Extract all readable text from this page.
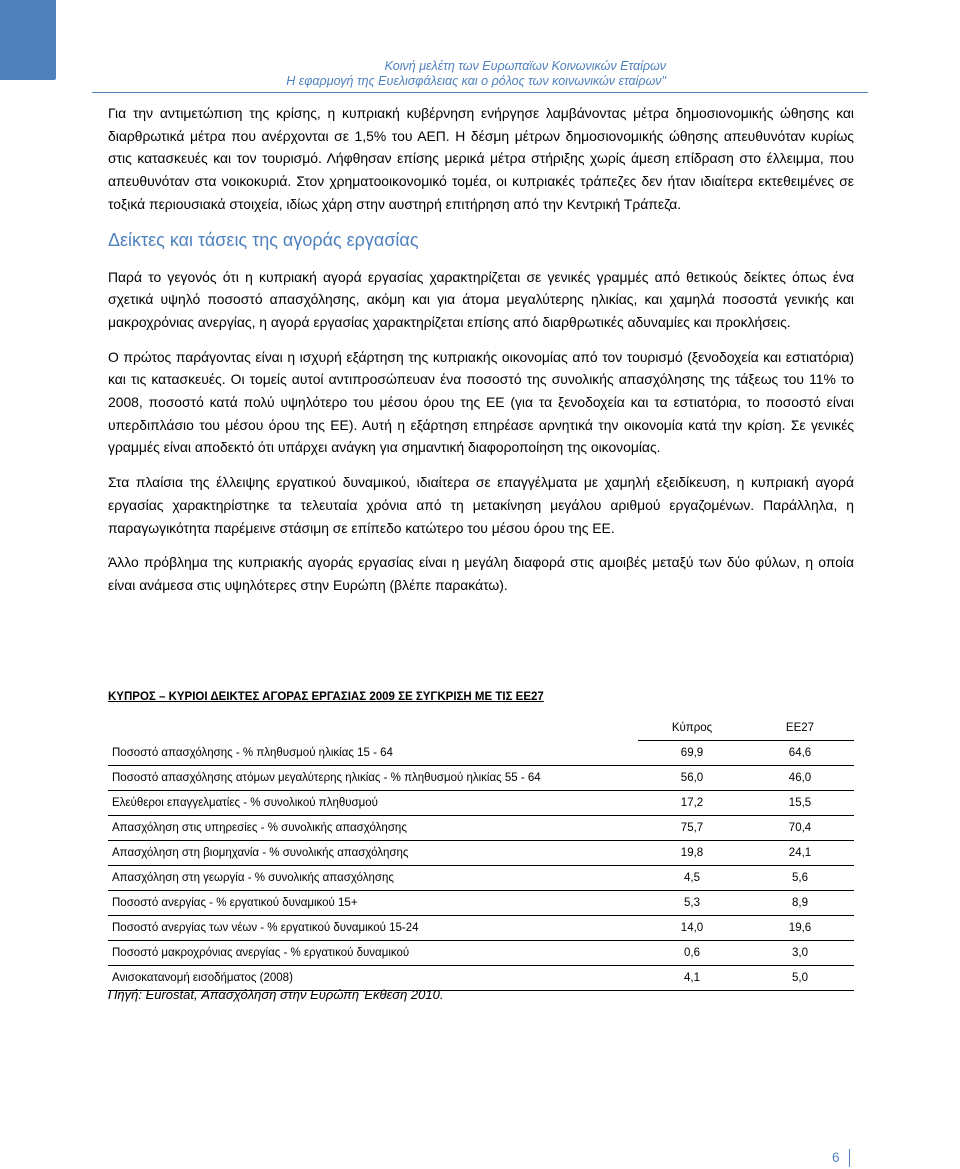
Κοινή μελέτη των Ευρωπαϊων Κοινωνικών Εταίρων
Η εφαρμογή της Ευελισφάλειας και ο ρόλος των κοινωνικών εταίρων"

Για την αντιμετώπιση της κρίσης, η κυπριακή κυβέρνηση ενήργησε λαμβάνοντας μέτρα δημοσιονομικής ώθησης και διαρθρωτικά μέτρα που ανέρχονται σε 1,5% του ΑΕΠ. Η δέσμη μέτρων δημοσιονομικής ώθησης απευθυνόταν κυρίως στις κατασκευές και τον τουρισμό. Λήφθησαν επίσης μερικά μέτρα στήριξης χωρίς άμεση επίδραση στο έλλειμμα, που απευθυνόταν στα νοικοκυριά. Στον χρηματοοικονομικό τομέα, οι κυπριακές τράπεζες δεν ήταν ιδιαίτερα εκτεθειμένες σε τοξικά περιουσιακά στοιχεία, ιδίως χάρη στην αυστηρή επιτήρηση από την Κεντρική Τράπεζα.

Δείκτες και τάσεις της αγοράς εργασίας

Παρά το γεγονός ότι η κυπριακή αγορά εργασίας χαρακτηρίζεται σε γενικές γραμμές από θετικούς δείκτες όπως ένα σχετικά υψηλό ποσοστό απασχόλησης, ακόμη και για άτομα μεγαλύτερης ηλικίας, και χαμηλά ποσοστά γενικής και μακροχρόνιας ανεργίας, η αγορά εργασίας χαρακτηρίζεται επίσης από διαρθρωτικές αδυναμίες και προκλήσεις.

Ο πρώτος παράγοντας είναι η ισχυρή εξάρτηση της κυπριακής οικονομίας από τον τουρισμό (ξενοδοχεία και εστιατόρια) και τις κατασκευές. Οι τομείς αυτοί αντιπροσώπευαν ένα ποσοστό της συνολικής απασχόλησης της τάξεως του 11% το 2008, ποσοστό κατά πολύ υψηλότερο του μέσου όρου της ΕΕ (για τα ξενοδοχεία και τα εστιατόρια, το ποσοστό είναι υπερδιπλάσιο του μέσου όρου της ΕΕ). Αυτή η εξάρτηση επηρέασε αρνητικά την οικονομία κατά την κρίση. Σε γενικές γραμμές είναι αποδεκτό ότι υπάρχει ανάγκη για σημαντική διαφοροποίηση της οικονομίας.

Στα πλαίσια της έλλειψης εργατικού δυναμικού, ιδιαίτερα σε επαγγέλματα με χαμηλή εξειδίκευση, η κυπριακή αγορά εργασίας χαρακτηρίστηκε τα τελευταία χρόνια από τη μετακίνηση μεγάλου αριθμού εργαζομένων. Παράλληλα, η παραγωγικότητα παρέμεινε στάσιμη σε επίπεδο κατώτερο του μέσου όρου της ΕΕ.

Άλλο πρόβλημα της κυπριακής αγοράς εργασίας είναι η μεγάλη διαφορά στις αμοιβές μεταξύ των δύο φύλων, η οποία είναι ανάμεσα στις υψηλότερες στην Ευρώπη (βλέπε παρακάτω).

ΚΥΠΡΟΣ – ΚΥΡΙΟΙ ΔΕΙΚΤΕΣ ΑΓΟΡΑΣ ΕΡΓΑΣΙΑΣ 2009 ΣΕ ΣΥΓΚΡΙΣΗ ΜΕ ΤΙΣ ΕΕ27
	Κύπρος	ΕΕ27
Ποσοστό απασχόλησης - % πληθυσμού ηλικίας 15 - 64	69,9	64,6
Ποσοστό απασχόλησης ατόμων μεγαλύτερης ηλικίας - % πληθυσμού ηλικίας 55 - 64	56,0	46,0
Ελεύθεροι επαγγελματίες - % συνολικού πληθυσμού	17,2	15,5
Απασχόληση στις υπηρεσίες - % συνολικής απασχόλησης	75,7	70,4
Απασχόληση στη βιομηχανία - % συνολικής απασχόλησης	19,8	24,1
Απασχόληση στη γεωργία - % συνολικής απασχόλησης	4,5	5,6
Ποσοστό ανεργίας - % εργατικού δυναμικού 15+	5,3	8,9
Ποσοστό ανεργίας των νέων - % εργατικού δυναμικού 15-24	14,0	19,6
Ποσοστό μακροχρόνιας ανεργίας - % εργατικού δυναμικού	0,6	3,0
Ανισοκατανομή εισοδήματος (2008)	4,1	5,0
Πηγή: Eurostat, Απασχόληση στην Ευρώπη Έκθεση 2010.
6
